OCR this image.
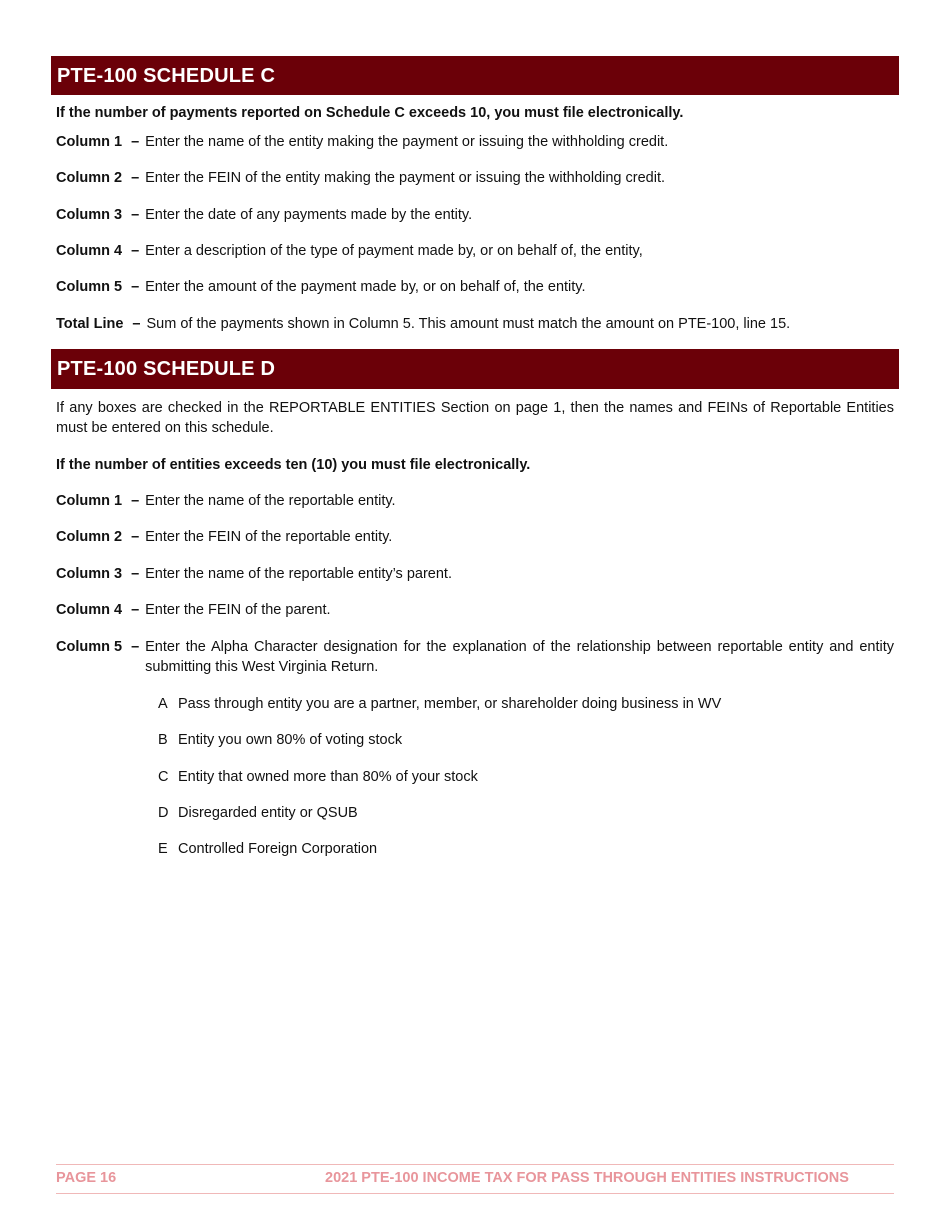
PTE-100 SCHEDULE C
If the number of payments reported on Schedule C exceeds 10, you must file electronically.
Column 1 – Enter the name of the entity making the payment or issuing the withholding credit.
Column 2 – Enter the FEIN of the entity making the payment or issuing the withholding credit.
Column 3 – Enter the date of any payments made by the entity.
Column 4 – Enter a description of the type of payment made by, or on behalf of, the entity,
Column 5 – Enter the amount of the payment made by, or on behalf of, the entity.
Total Line – Sum of the payments shown in Column 5. This amount must match the amount on PTE-100, line 15.
PTE-100 SCHEDULE D
If any boxes are checked in the REPORTABLE ENTITIES Section on page 1, then the names and FEINs of Reportable Entities must be entered on this schedule.
If the number of entities exceeds ten (10) you must file electronically.
Column 1 – Enter the name of the reportable entity.
Column 2 – Enter the FEIN of the reportable entity.
Column 3 – Enter the name of the reportable entity’s parent.
Column 4 – Enter the FEIN of the parent.
Column 5 – Enter the Alpha Character designation for the explanation of the relationship between reportable entity and entity submitting this West Virginia Return.
A Pass through entity you are a partner, member, or shareholder doing business in WV
B Entity you own 80% of voting stock
C Entity that owned more than 80% of your stock
D Disregarded entity or QSUB
E Controlled Foreign Corporation
PAGE 16	2021 PTE-100 INCOME TAX FOR PASS THROUGH ENTITIES INSTRUCTIONS
